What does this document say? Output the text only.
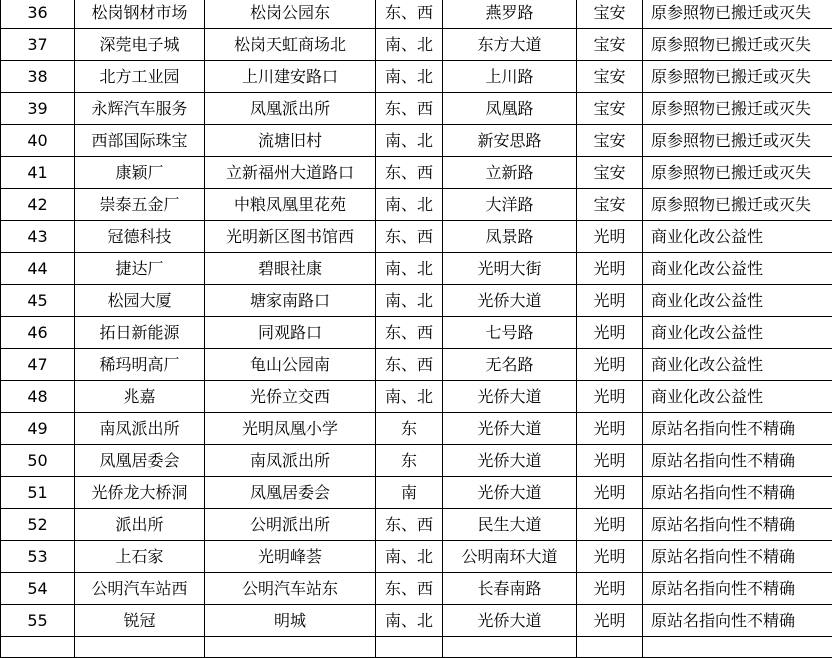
36	松岗钢材市场	松岗公园东	东、西	燕罗路	宝安	原参照物已搬迁或灭失
37	深莞电子城	松岗天虹商场北	南、北	东方大道	宝安	原参照物已搬迁或灭失
38	北方工业园	上川建安路口	南、北	上川路	宝安	原参照物已搬迁或灭失
39	永辉汽车服务	凤凰派出所	东、西	凤凰路	宝安	原参照物已搬迁或灭失
40	西部国际珠宝	流塘旧村	南、北	新安思路	宝安	原参照物已搬迁或灭失
41	康颖厂	立新福州大道路口	东、西	立新路	宝安	原参照物已搬迁或灭失
42	崇泰五金厂	中粮凤凰里花苑	南、北	大洋路	宝安	原参照物已搬迁或灭失
43	冠德科技	光明新区图书馆西	东、西	凤景路	光明	商业化改公益性
44	捷达厂	碧眼社康	南、北	光明大街	光明	商业化改公益性
45	松园大厦	塘家南路口	南、北	光侨大道	光明	商业化改公益性
46	拓日新能源	同观路口	东、西	七号路	光明	商业化改公益性
47	稀玛明高厂	龟山公园南	东、西	无名路	光明	商业化改公益性
48	兆嘉	光侨立交西	南、北	光侨大道	光明	商业化改公益性
49	南凤派出所	光明凤凰小学	东	光侨大道	光明	原站名指向性不精确
50	凤凰居委会	南凤派出所	东	光侨大道	光明	原站名指向性不精确
51	光侨龙大桥洞	凤凰居委会	南	光侨大道	光明	原站名指向性不精确
52	派出所	公明派出所	东、西	民生大道	光明	原站名指向性不精确
53	上石家	光明峰荟	南、北	公明南环大道	光明	原站名指向性不精确
54	公明汽车站西	公明汽车站东	东、西	长春南路	光明	原站名指向性不精确
55	锐冠	明城	南、北	光侨大道	光明	原站名指向性不精确
